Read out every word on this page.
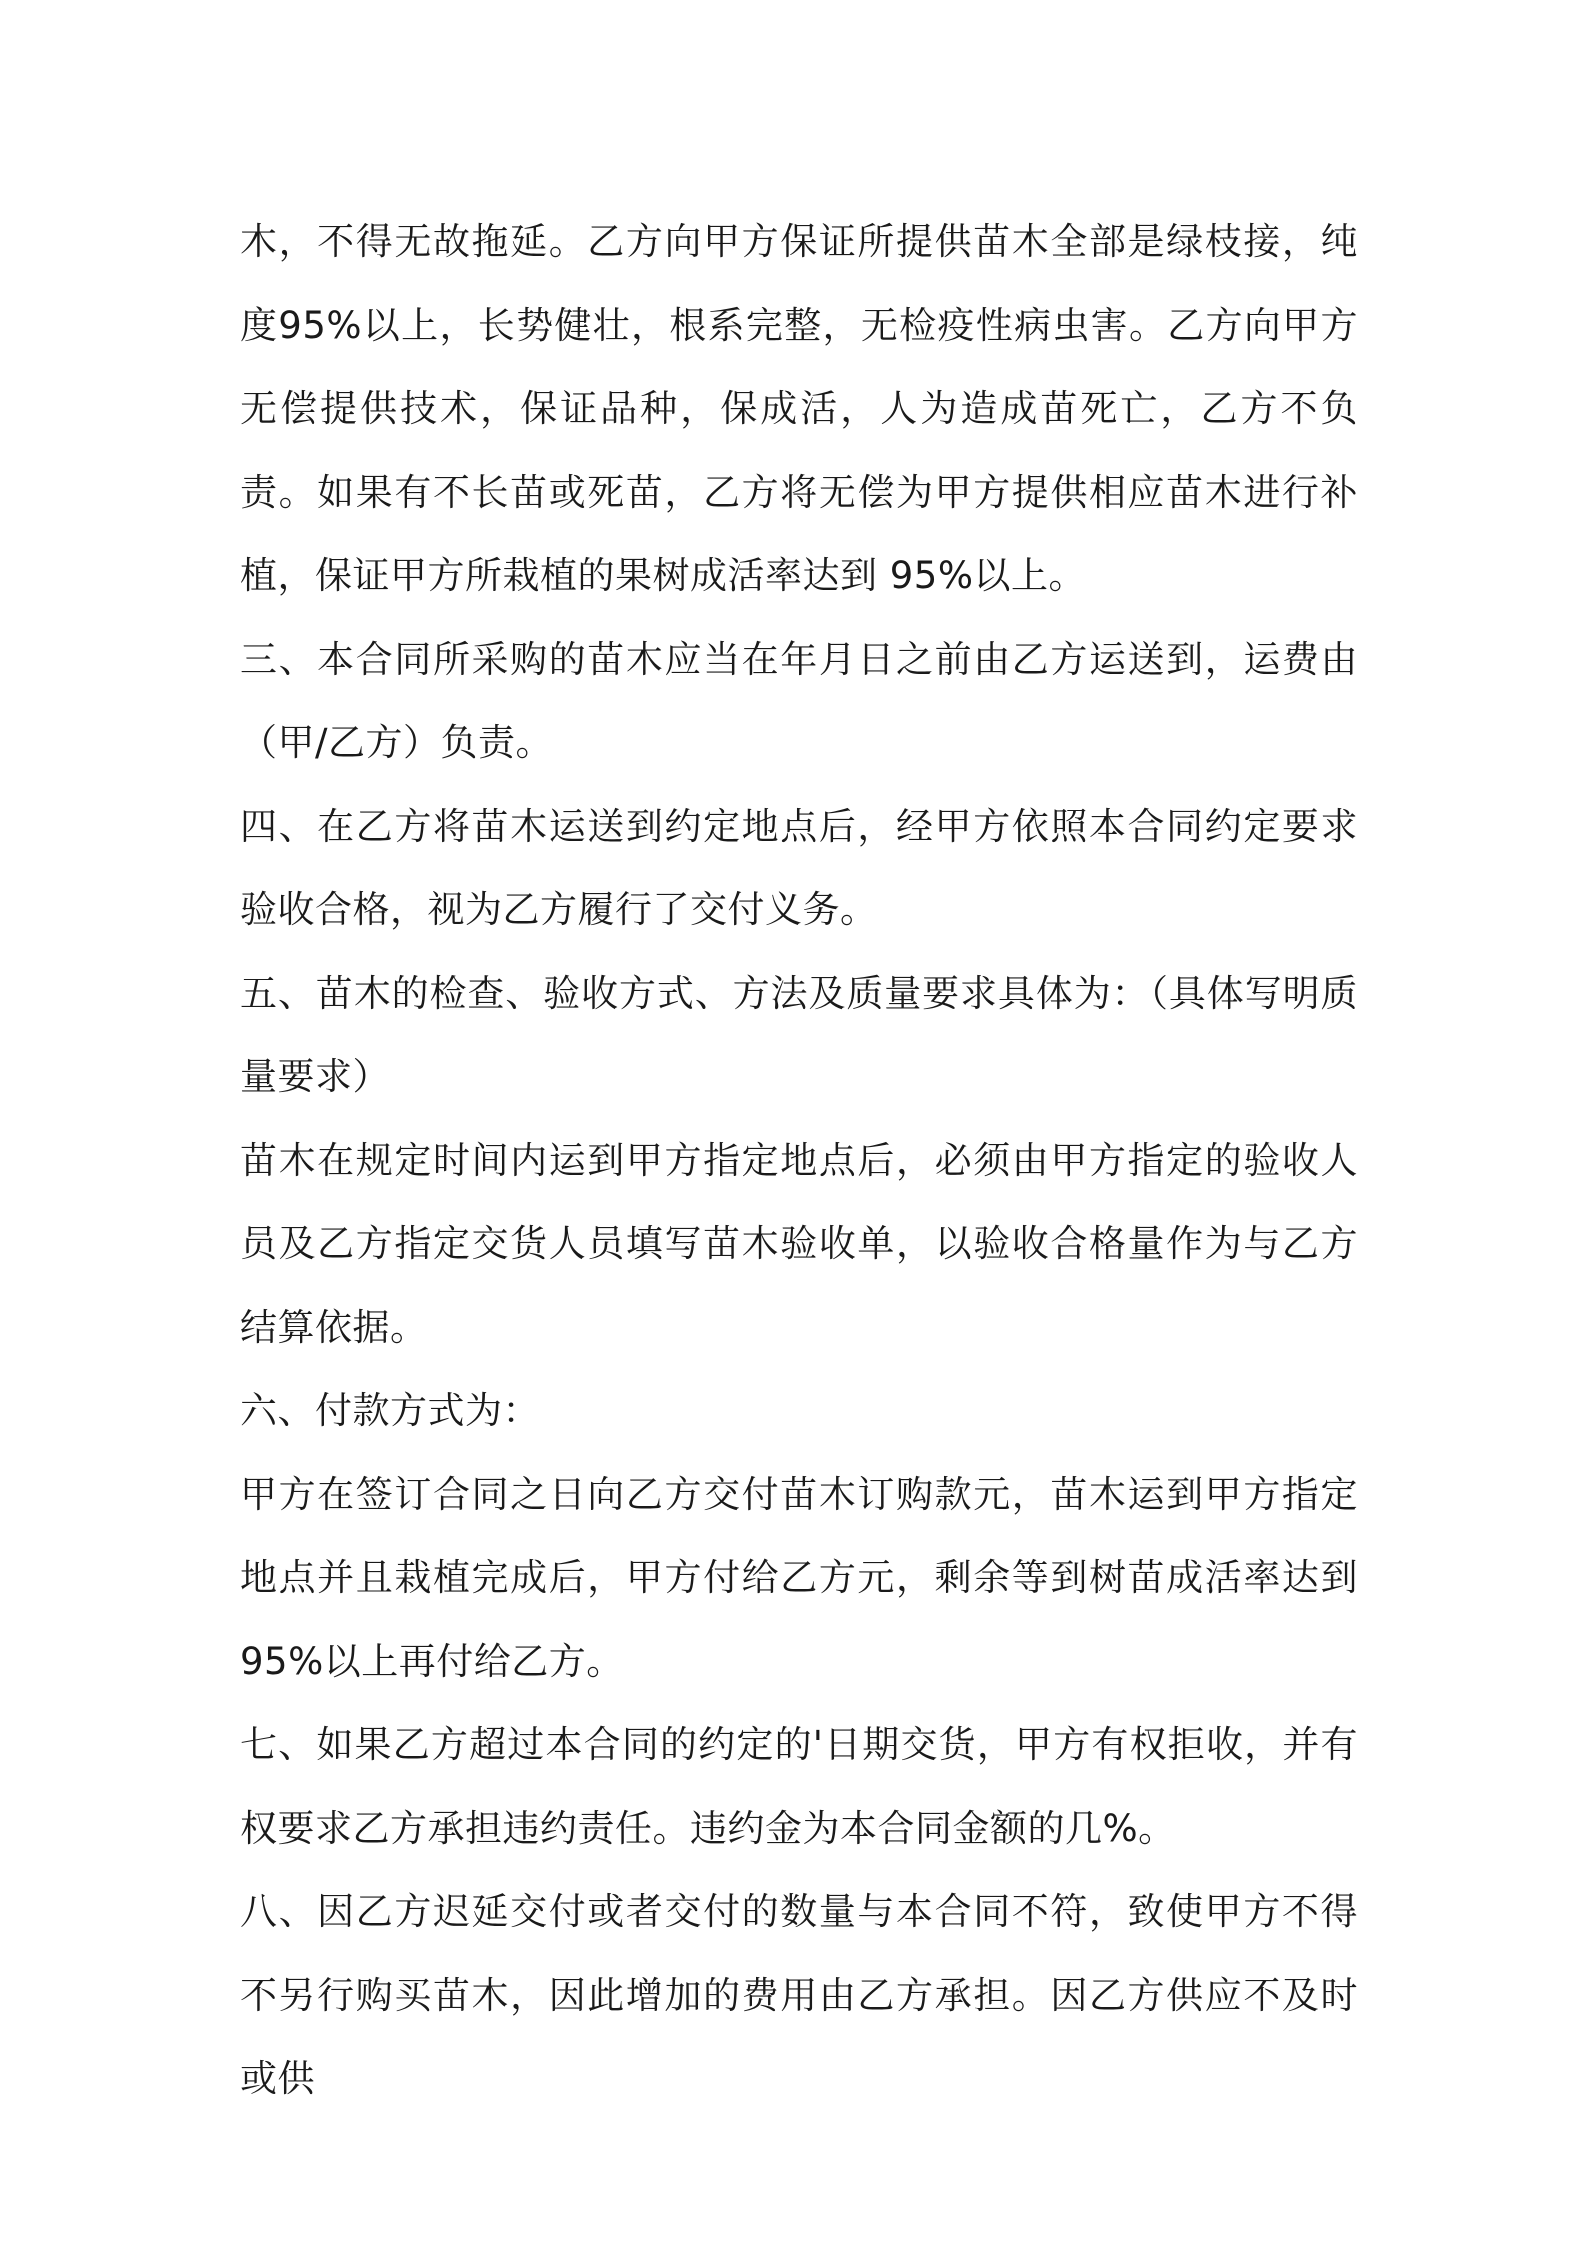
木，不得无故拖延。乙方向甲方保证所提供苗木全部是绿枝接，纯度95%以上，长势健壮，根系完整，无检疫性病虫害。乙方向甲方无偿提供技术，保证品种，保成活，人为造成苗死亡，乙方不负责。如果有不长苗或死苗，乙方将无偿为甲方提供相应苗木进行补植，保证甲方所栽植的果树成活率达到 95%以上。

三、本合同所采购的苗木应当在年月日之前由乙方运送到，运费由（甲/乙方）负责。

四、在乙方将苗木运送到约定地点后，经甲方依照本合同约定要求验收合格，视为乙方履行了交付义务。

五、苗木的检查、验收方式、方法及质量要求具体为：（具体写明质量要求）

苗木在规定时间内运到甲方指定地点后，必须由甲方指定的验收人员及乙方指定交货人员填写苗木验收单，以验收合格量作为与乙方结算依据。

六、付款方式为：

甲方在签订合同之日向乙方交付苗木订购款元，苗木运到甲方指定地点并且栽植完成后，甲方付给乙方元，剩余等到树苗成活率达到 95%以上再付给乙方。

七、如果乙方超过本合同的约定的'日期交货，甲方有权拒收，并有权要求乙方承担违约责任。违约金为本合同金额的几%。

八、因乙方迟延交付或者交付的数量与本合同不符，致使甲方不得不另行购买苗木，因此增加的费用由乙方承担。因乙方供应不及时或供
